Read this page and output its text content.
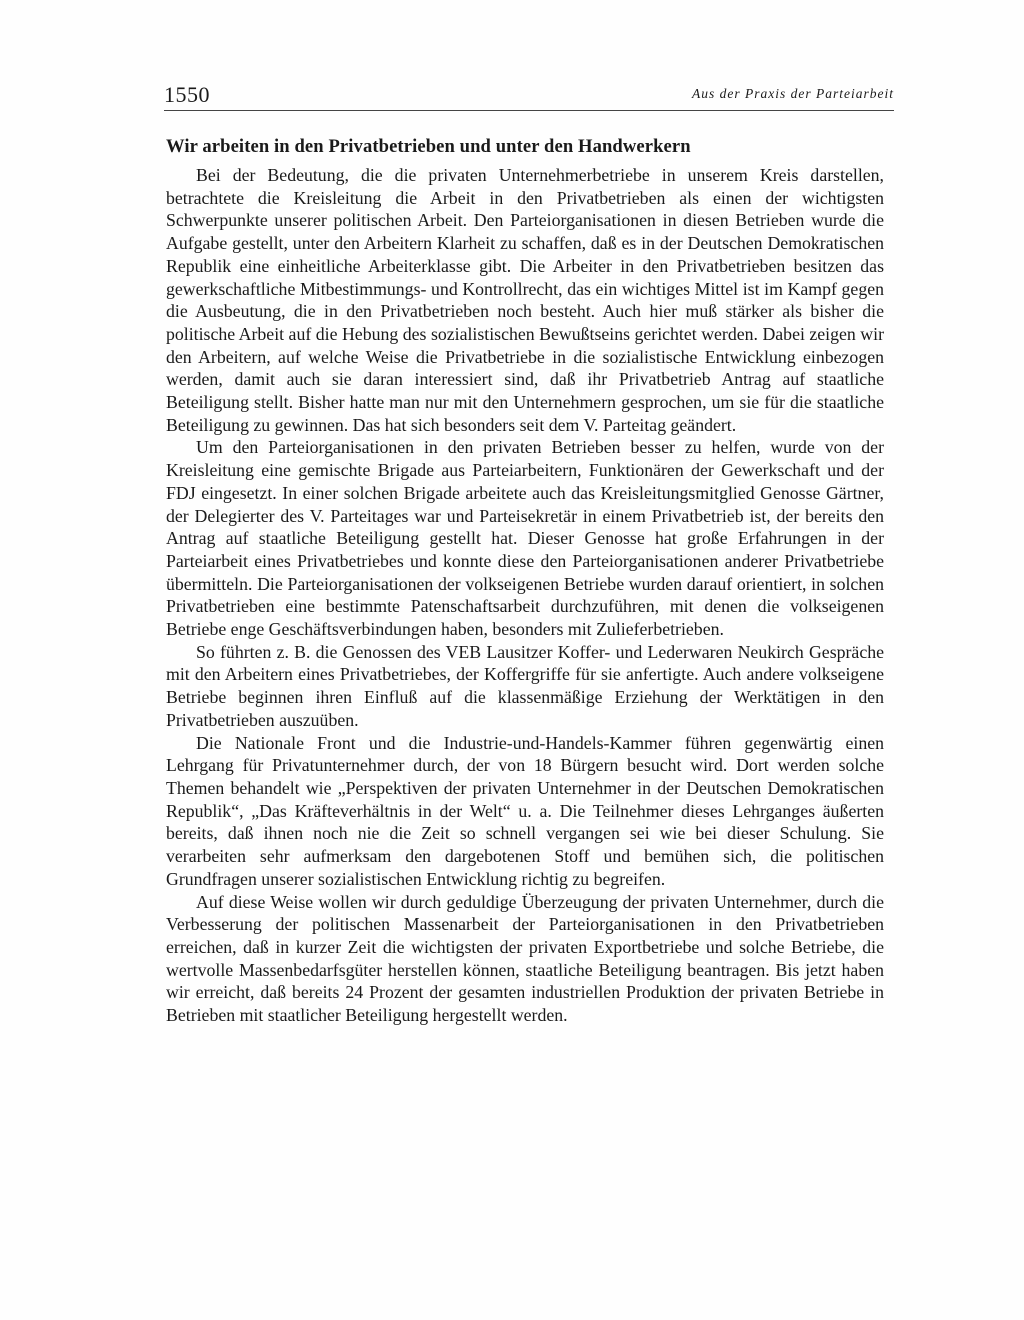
1550	Aus der Praxis der Parteiarbeit
Wir arbeiten in den Privatbetrieben und unter den Handwerkern

Bei der Bedeutung, die die privaten Unternehmerbetriebe in unserem Kreis darstellen, betrachtete die Kreisleitung die Arbeit in den Privatbetrieben als einen der wichtigsten Schwerpunkte unserer politischen Arbeit. Den Parteiorganisationen in diesen Betrieben wurde die Aufgabe gestellt, unter den Arbeitern Klarheit zu schaffen, daß es in der Deutschen Demokratischen Republik eine einheitliche Arbeiterklasse gibt. Die Arbeiter in den Privatbetrieben besitzen das gewerkschaftliche Mitbestimmungs- und Kontrollrecht, das ein wichtiges Mittel ist im Kampf gegen die Ausbeutung, die in den Privatbetrieben noch besteht. Auch hier muß stärker als bisher die politische Arbeit auf die Hebung des sozialistischen Bewußtseins gerichtet werden. Dabei zeigen wir den Arbeitern, auf welche Weise die Privatbetriebe in die sozialistische Entwicklung einbezogen werden, damit auch sie daran interessiert sind, daß ihr Privatbetrieb Antrag auf staatliche Beteiligung stellt. Bisher hatte man nur mit den Unternehmern gesprochen, um sie für die staatliche Beteiligung zu gewinnen. Das hat sich besonders seit dem V. Parteitag geändert.

Um den Parteiorganisationen in den privaten Betrieben besser zu helfen, wurde von der Kreisleitung eine gemischte Brigade aus Parteiarbeitern, Funktionären der Gewerkschaft und der FDJ eingesetzt. In einer solchen Brigade arbeitete auch das Kreisleitungsmitglied Genosse Gärtner, der Delegierter des V. Parteitages war und Parteisekretär in einem Privatbetrieb ist, der bereits den Antrag auf staatliche Beteiligung gestellt hat. Dieser Genosse hat große Erfahrungen in der Parteiarbeit eines Privatbetriebes und konnte diese den Parteiorganisationen anderer Privatbetriebe übermitteln. Die Parteiorganisationen der volkseigenen Betriebe wurden darauf orientiert, in solchen Privatbetrieben eine bestimmte Patenschaftsarbeit durchzuführen, mit denen die volkseigenen Betriebe enge Geschäftsverbindungen haben, besonders mit Zulieferbetrieben.

So führten z. B. die Genossen des VEB Lausitzer Koffer- und Lederwaren Neukirch Gespräche mit den Arbeitern eines Privatbetriebes, der Koffergriffe für sie anfertigte. Auch andere volkseigene Betriebe beginnen ihren Einfluß auf die klassenmäßige Erziehung der Werktätigen in den Privatbetrieben auszuüben.

Die Nationale Front und die Industrie-und-Handels-Kammer führen gegenwärtig einen Lehrgang für Privatunternehmer durch, der von 18 Bürgern besucht wird. Dort werden solche Themen behandelt wie „Perspektiven der privaten Unternehmer in der Deutschen Demokratischen Republik“, „Das Kräfteverhältnis in der Welt“ u. a. Die Teilnehmer dieses Lehrganges äußerten bereits, daß ihnen noch nie die Zeit so schnell vergangen sei wie bei dieser Schulung. Sie verarbeiten sehr aufmerksam den dargebotenen Stoff und bemühen sich, die politischen Grundfragen unserer sozialistischen Entwicklung richtig zu begreifen.

Auf diese Weise wollen wir durch geduldige Überzeugung der privaten Unternehmer, durch die Verbesserung der politischen Massenarbeit der Parteiorganisationen in den Privatbetrieben erreichen, daß in kurzer Zeit die wichtigsten der privaten Exportbetriebe und solche Betriebe, die wertvolle Massenbedarfsgüter herstellen können, staatliche Beteiligung beantragen. Bis jetzt haben wir erreicht, daß bereits 24 Prozent der gesamten industriellen Produktion der privaten Betriebe in Betrieben mit staatlicher Beteiligung hergestellt werden.
